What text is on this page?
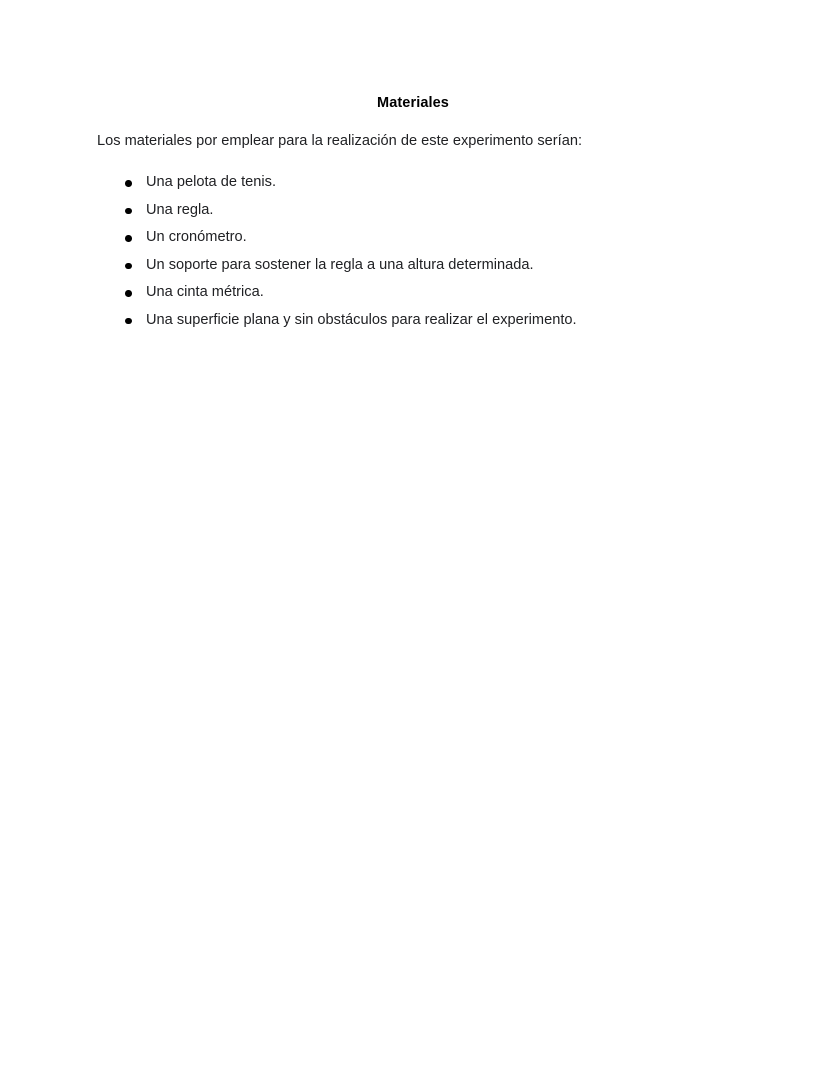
Materiales

Los materiales por emplear para la realización de este experimento serían:

Una pelota de tenis.
Una regla.
Un cronómetro.
Un soporte para sostener la regla a una altura determinada.
Una cinta métrica.
Una superficie plana y sin obstáculos para realizar el experimento.
